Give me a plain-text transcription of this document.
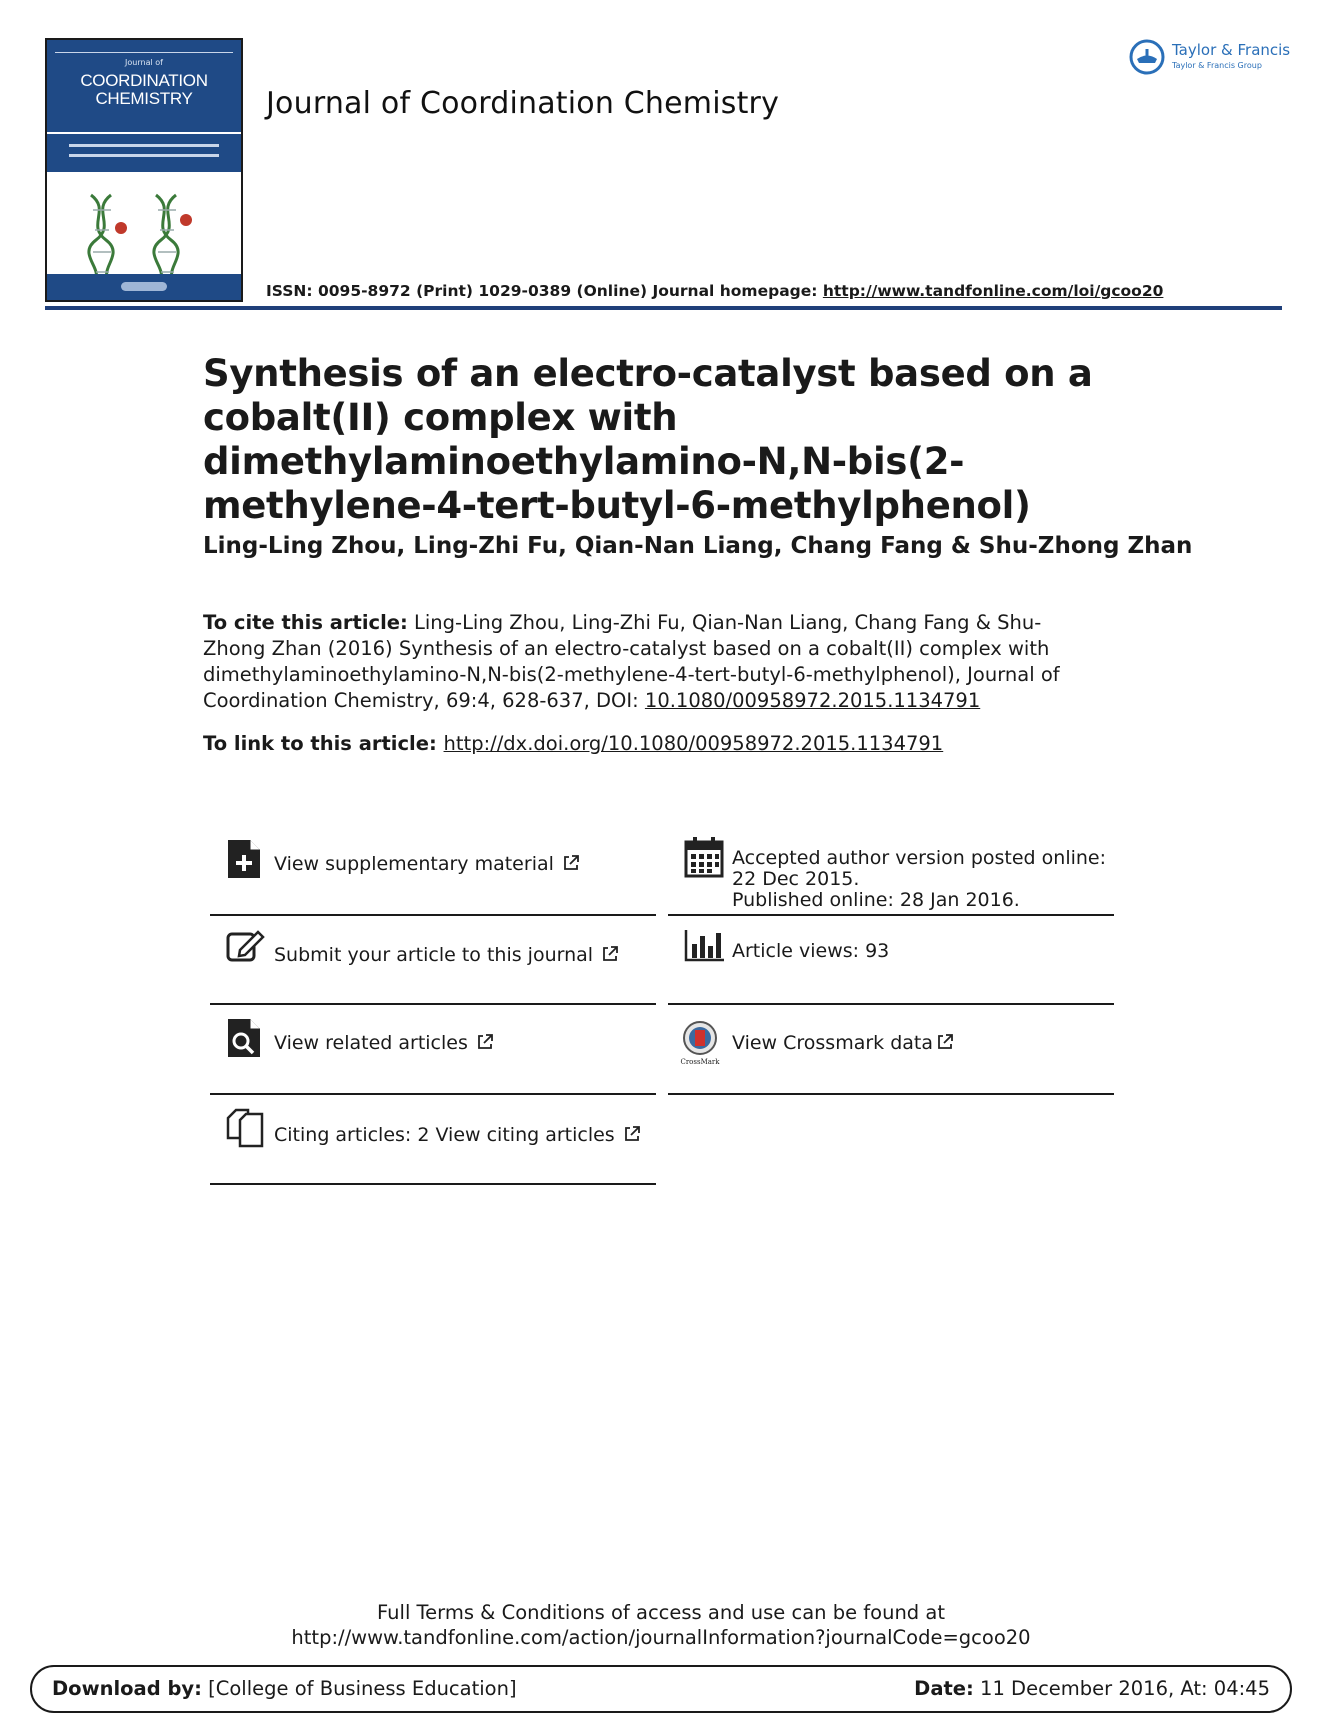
Journal of
COORDINATION
CHEMISTRY	Journal of Coordination Chemistry
Taylor & Francis
Taylor & Francis Group
ISSN: 0095-8972 (Print) 1029-0389 (Online) Journal homepage: http://www.tandfonline.com/loi/gcoo20
Synthesis of an electro-catalyst based on a cobalt(II) complex with dimethylaminoethylamino-N,N-bis(2-methylene-4-tert-butyl-6-methylphenol)
Ling-Ling Zhou, Ling-Zhi Fu, Qian-Nan Liang, Chang Fang & Shu-Zhong Zhan
To cite this article: Ling-Ling Zhou, Ling-Zhi Fu, Qian-Nan Liang, Chang Fang & Shu-Zhong Zhan (2016) Synthesis of an electro-catalyst based on a cobalt(II) complex with dimethylaminoethylamino-N,N-bis(2-methylene-4-tert-butyl-6-methylphenol), Journal of Coordination Chemistry, 69:4, 628-637, DOI: 10.1080/00958972.2015.1134791
To link to this article: http://dx.doi.org/10.1080/00958972.2015.1134791
View supplementary material
Submit your article to this journal
View related articles
Citing articles: 2 View citing articles
Accepted author version posted online: 22 Dec 2015.
Published online: 28 Jan 2016.
Article views: 93
CrossMark
View Crossmark data
Full Terms & Conditions of access and use can be found at
http://www.tandfonline.com/action/journalInformation?journalCode=gcoo20
Download by: [College of Business Education]	Date: 11 December 2016, At: 04:45
